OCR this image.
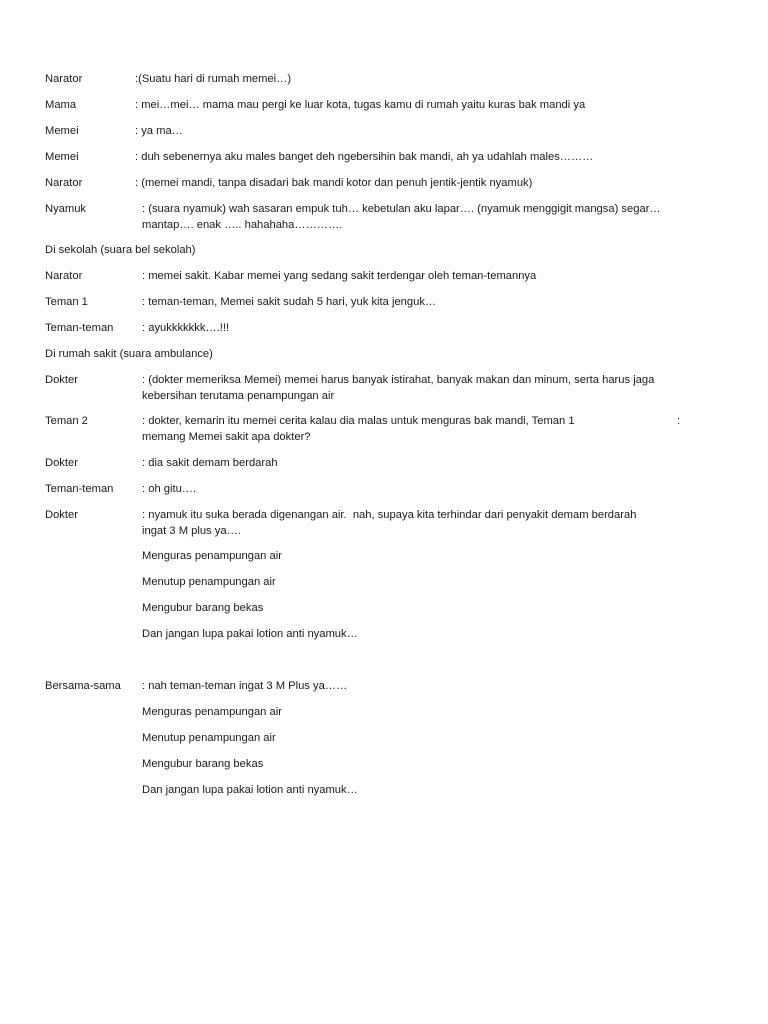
Narator	:(Suatu hari di rumah memei…)
Mama	: mei…mei… mama mau pergi ke luar kota, tugas kamu di rumah yaitu kuras bak mandi ya
Memei	: ya ma…
Memei	: duh sebenernya aku males banget deh ngebersihin bak mandi, ah ya udahlah males………
Narator	: (memei mandi, tanpa disadari bak mandi kotor dan penuh jentik-jentik nyamuk)
Nyamuk	: (suara nyamuk) wah sasaran empuk tuh… kebetulan aku lapar…. (nyamuk menggigit mangsa) segar…
mantap…. enak ….. hahahaha………….
Di sekolah (suara bel sekolah)
Narator	: memei sakit. Kabar memei yang sedang sakit terdengar oleh teman-temannya
Teman 1	: teman-teman, Memei sakit sudah 5 hari, yuk kita jenguk…
Teman-teman	: ayukkkkkkk….!!!
Di rumah sakit (suara ambulance)
Dokter	: (dokter memeriksa Memei) memei harus banyak istirahat, banyak makan dan minum, serta harus jaga
kebersihan terutama penampungan air
Teman 2	: dokter, kemarin itu memei cerita kalau dia malas untuk menguras bak mandi, Teman 1	:
memang Memei sakit apa dokter?
Dokter	: dia sakit demam berdarah
Teman-teman	: oh gitu….
Dokter	: nyamuk itu suka berada digenangan air.  nah, supaya kita terhindar dari penyakit demam berdarah
ingat 3 M plus ya….
Menguras penampungan air
Menutup penampungan air
Mengubur barang bekas
Dan jangan lupa pakai lotion anti nyamuk…
Bersama-sama : nah teman-teman ingat 3 M Plus ya……
Menguras penampungan air
Menutup penampungan air
Mengubur barang bekas
Dan jangan lupa pakai lotion anti nyamuk…
